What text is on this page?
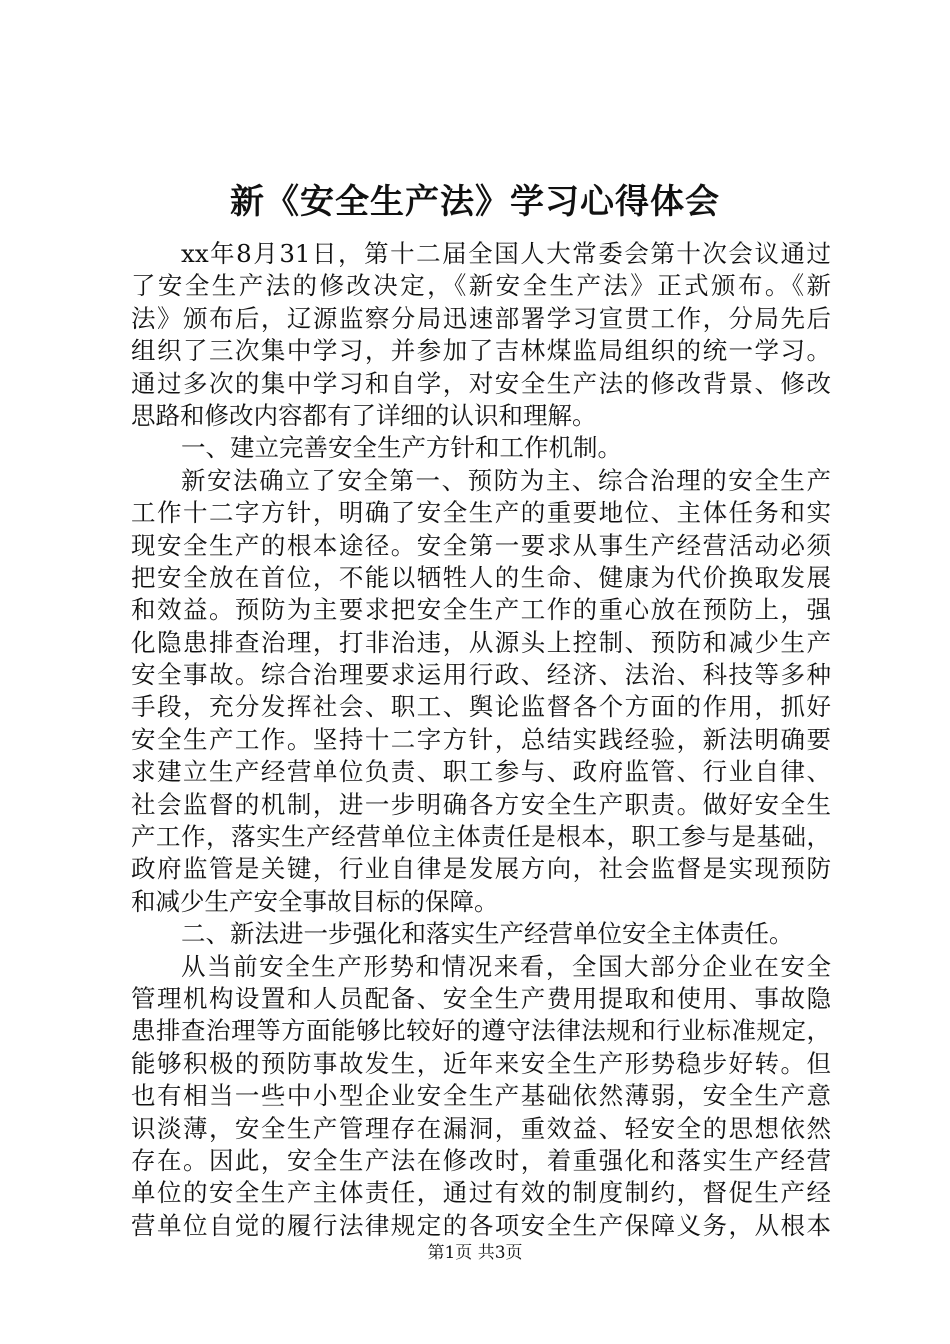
新《安全生产法》学习心得体会
xx年8月31日，第十二届全国人大常委会第十次会议通过
了安全生产法的修改决定，《新安全生产法》正式颁布。《新
法》颁布后，辽源监察分局迅速部署学习宣贯工作，分局先后
组织了三次集中学习，并参加了吉林煤监局组织的统一学习。
通过多次的集中学习和自学，对安全生产法的修改背景、修改
思路和修改内容都有了详细的认识和理解。
一、建立完善安全生产方针和工作机制。
新安法确立了安全第一、预防为主、综合治理的安全生产
工作十二字方针，明确了安全生产的重要地位、主体任务和实
现安全生产的根本途径。安全第一要求从事生产经营活动必须
把安全放在首位，不能以牺牲人的生命、健康为代价换取发展
和效益。预防为主要求把安全生产工作的重心放在预防上，强
化隐患排查治理，打非治违，从源头上控制、预防和减少生产
安全事故。综合治理要求运用行政、经济、法治、科技等多种
手段，充分发挥社会、职工、舆论监督各个方面的作用，抓好
安全生产工作。坚持十二字方针，总结实践经验，新法明确要
求建立生产经营单位负责、职工参与、政府监管、行业自律、
社会监督的机制，进一步明确各方安全生产职责。做好安全生
产工作，落实生产经营单位主体责任是根本，职工参与是基础，
政府监管是关键，行业自律是发展方向，社会监督是实现预防
和减少生产安全事故目标的保障。
二、新法进一步强化和落实生产经营单位安全主体责任。
从当前安全生产形势和情况来看，全国大部分企业在安全
管理机构设置和人员配备、安全生产费用提取和使用、事故隐
患排查治理等方面能够比较好的遵守法律法规和行业标准规定，
能够积极的预防事故发生，近年来安全生产形势稳步好转。但
也有相当一些中小型企业安全生产基础依然薄弱，安全生产意
识淡薄，安全生产管理存在漏洞，重效益、轻安全的思想依然
存在。因此，安全生产法在修改时，着重强化和落实生产经营
单位的安全生产主体责任，通过有效的制度制约，督促生产经
营单位自觉的履行法律规定的各项安全生产保障义务，从根本
第1页 共3页
